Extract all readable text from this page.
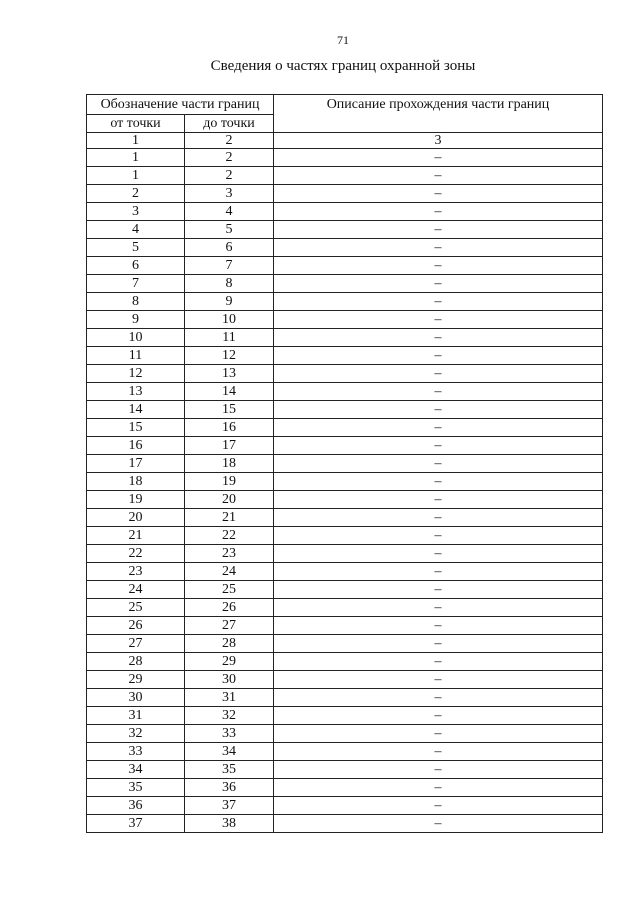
71
Сведения о частях границ охранной зоны
Обозначение части границ		Описание прохождения части границ
от точки	до точки	
1	2	3
1	2	–
1	2	–
2	3	–
3	4	–
4	5	–
5	6	–
6	7	–
7	8	–
8	9	–
9	10	–
10	11	–
11	12	–
12	13	–
13	14	–
14	15	–
15	16	–
16	17	–
17	18	–
18	19	–
19	20	–
20	21	–
21	22	–
22	23	–
23	24	–
24	25	–
25	26	–
26	27	–
27	28	–
28	29	–
29	30	–
30	31	–
31	32	–
32	33	–
33	34	–
34	35	–
35	36	–
36	37	–
37	38	–
